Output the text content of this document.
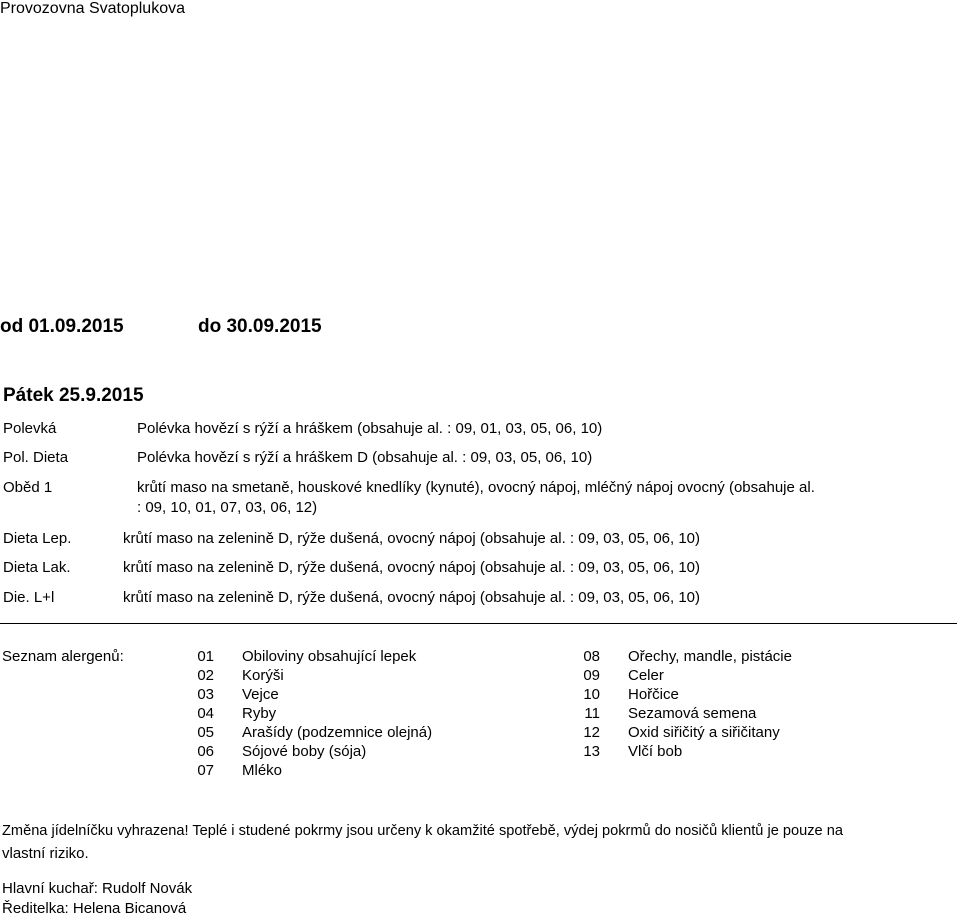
Provozovna Svatoplukova
od 01.09.2015	do 30.09.2015
Pátek 25.9.2015
Polevká	Polévka hovězí s rýží a hráškem (obsahuje al. : 09, 01, 03, 05, 06, 10)
Pol. Dieta	Polévka hovězí s rýží a hráškem D (obsahuje al. : 09, 03, 05, 06, 10)
Oběd 1	krůtí maso na smetaně, houskové knedlíky (kynuté), ovocný nápoj, mléčný nápoj ovocný (obsahuje al.
: 09, 10, 01, 07, 03, 06, 12)
Dieta Lep.	krůtí maso na zelenině D, rýže dušená, ovocný nápoj (obsahuje al. : 09, 03, 05, 06, 10)
Dieta Lak.	krůtí maso na zelenině D, rýže dušená, ovocný nápoj (obsahuje al. : 09, 03, 05, 06, 10)
Die. L+l	krůtí maso na zelenině D, rýže dušená, ovocný nápoj (obsahuje al. : 09, 03, 05, 06, 10)
Seznam alergenů:	01 Obiloviny obsahující lepek
02 Korýši
03 Vejce
04 Ryby
05 Arašídy (podzemnice olejná)
06 Sójové boby (sója)
07 Mléko
08 Ořechy, mandle, pistácie
09 Celer
10 Hořčice
11 Sezamová semena
12 Oxid siřičitý a siřičitany
13 Vlčí bob
Změna jídelníčku vyhrazena! Teplé i studené pokrmy jsou určeny k okamžité spotřebě, výdej pokrmů do nosičů klientů je pouze na
vlastní riziko.
Hlavní kuchař: Rudolf Novák
Ředitelka: Helena Bicanová
